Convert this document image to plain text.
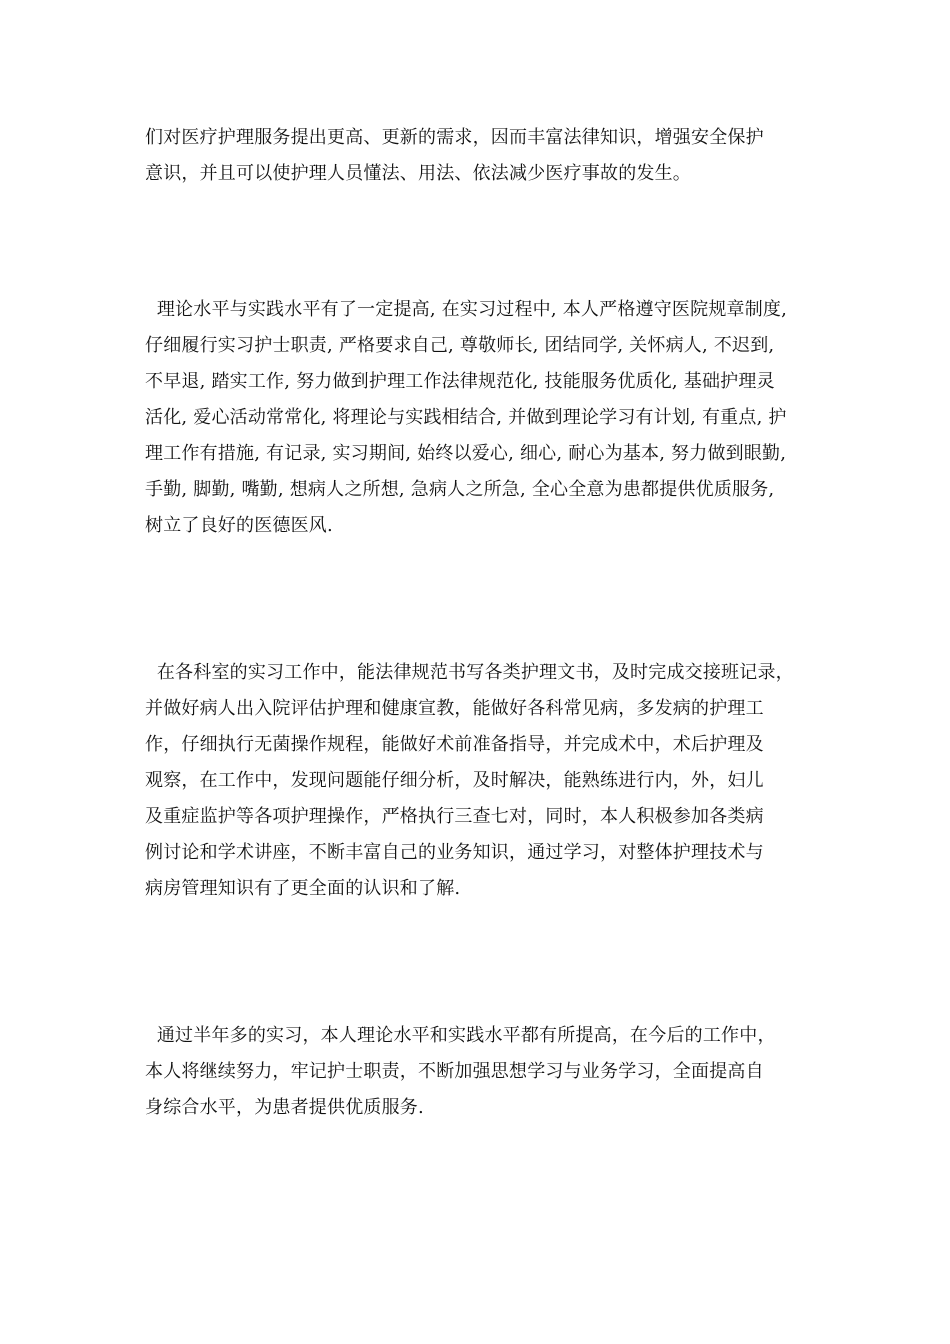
们对医疗护理服务提出更高、更新的需求，因而丰富法律知识，增强安全保护
意识，并且可以使护理人员懂法、用法、依法减少医疗事故的发生。
理论水平与实践水平有了一定提高, 在实习过程中, 本人严格遵守医院规章制度,
仔细履行实习护士职责, 严格要求自己, 尊敬师长, 团结同学, 关怀病人, 不迟到,
不早退, 踏实工作, 努力做到护理工作法律规范化, 技能服务优质化, 基础护理灵
活化, 爱心活动常常化, 将理论与实践相结合, 并做到理论学习有计划, 有重点, 护
理工作有措施, 有记录, 实习期间, 始终以爱心, 细心, 耐心为基本, 努力做到眼勤,
手勤, 脚勤, 嘴勤, 想病人之所想, 急病人之所急, 全心全意为患都提供优质服务,
树立了良好的医德医风.
在各科室的实习工作中，能法律规范书写各类护理文书，及时完成交接班记录，
并做好病人出入院评估护理和健康宣教，能做好各科常见病，多发病的护理工
作，仔细执行无菌操作规程，能做好术前准备指导，并完成术中，术后护理及
观察，在工作中，发现问题能仔细分析，及时解决，能熟练进行内，外，妇儿
及重症监护等各项护理操作，严格执行三查七对，同时，本人积极参加各类病
例讨论和学术讲座，不断丰富自己的业务知识，通过学习，对整体护理技术与
病房管理知识有了更全面的认识和了解.
通过半年多的实习，本人理论水平和实践水平都有所提高，在今后的工作中，
本人将继续努力，牢记护士职责，不断加强思想学习与业务学习，全面提高自
身综合水平，为患者提供优质服务.
